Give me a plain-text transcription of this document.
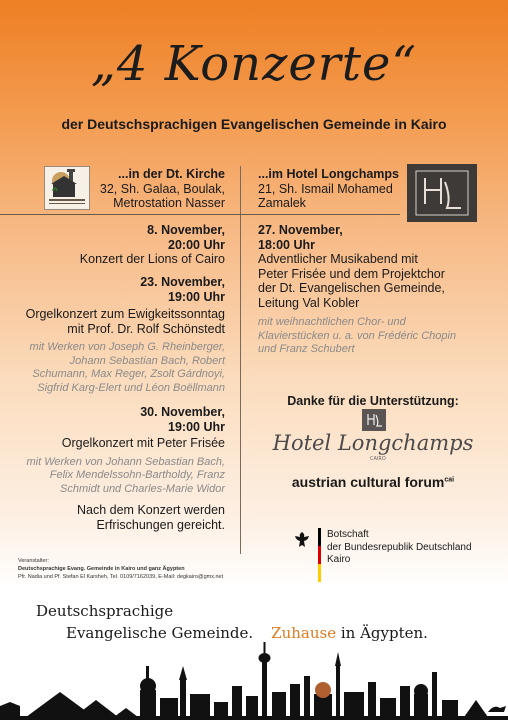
„4 Konzerte“
der Deutschsprachigen Evangelischen Gemeinde in Kairo
...in der Dt. Kirche
32, Sh. Galaa, Boulak,
Metrostation Nasser
8. November,
20:00 Uhr
Konzert der Lions of Cairo
23. November,
19:00 Uhr
Orgelkonzert zum Ewigkeitssonntag
mit Prof. Dr. Rolf Schönstedt
mit Werken von Joseph G. Rheinberger,
Johann Sebastian Bach, Robert
Schumann, Max Reger, Zsolt Gárdnoyi,
Sigfrid Karg-Elert und Léon Boëllmann
30. November,
19:00 Uhr
Orgelkonzert mit Peter Frisée
mit Werken von Johann Sebastian Bach,
Felix Mendelssohn-Bartholdy, Franz
Schmidt und Charles-Marie Widor
Nach dem Konzert werden
Erfrischungen gereicht.
...im Hotel Longchamps
21, Sh. Ismail Mohamed
Zamalek
27. November,
18:00 Uhr
Adventlicher Musikabend mit
Peter Frisée und dem Projektchor
der Dt. Evangelischen Gemeinde,
Leitung Val Kobler
mit weihnachtlichen Chor- und
Klavierstücken u. a. von Frédéric Chopin
und Franz Schubert
Danke für die Unterstützung:
Hotel Longchamps
CAIRO
austrian cultural forum$^{cai}$
Botschaft
der Bundesrepublik Deutschland
Kairo
Veranstalter:
Deutschsprachige Evang. Gemeinde in Kairo und ganz Ägypten
Pfr. Nadia und Pf. Stefan El Karsheh, Tel. 0109/7162039, E-Mail: degkairo@gmx.net
Deutschsprachige
Evangelische Gemeinde. Zuhause in Ägypten.
